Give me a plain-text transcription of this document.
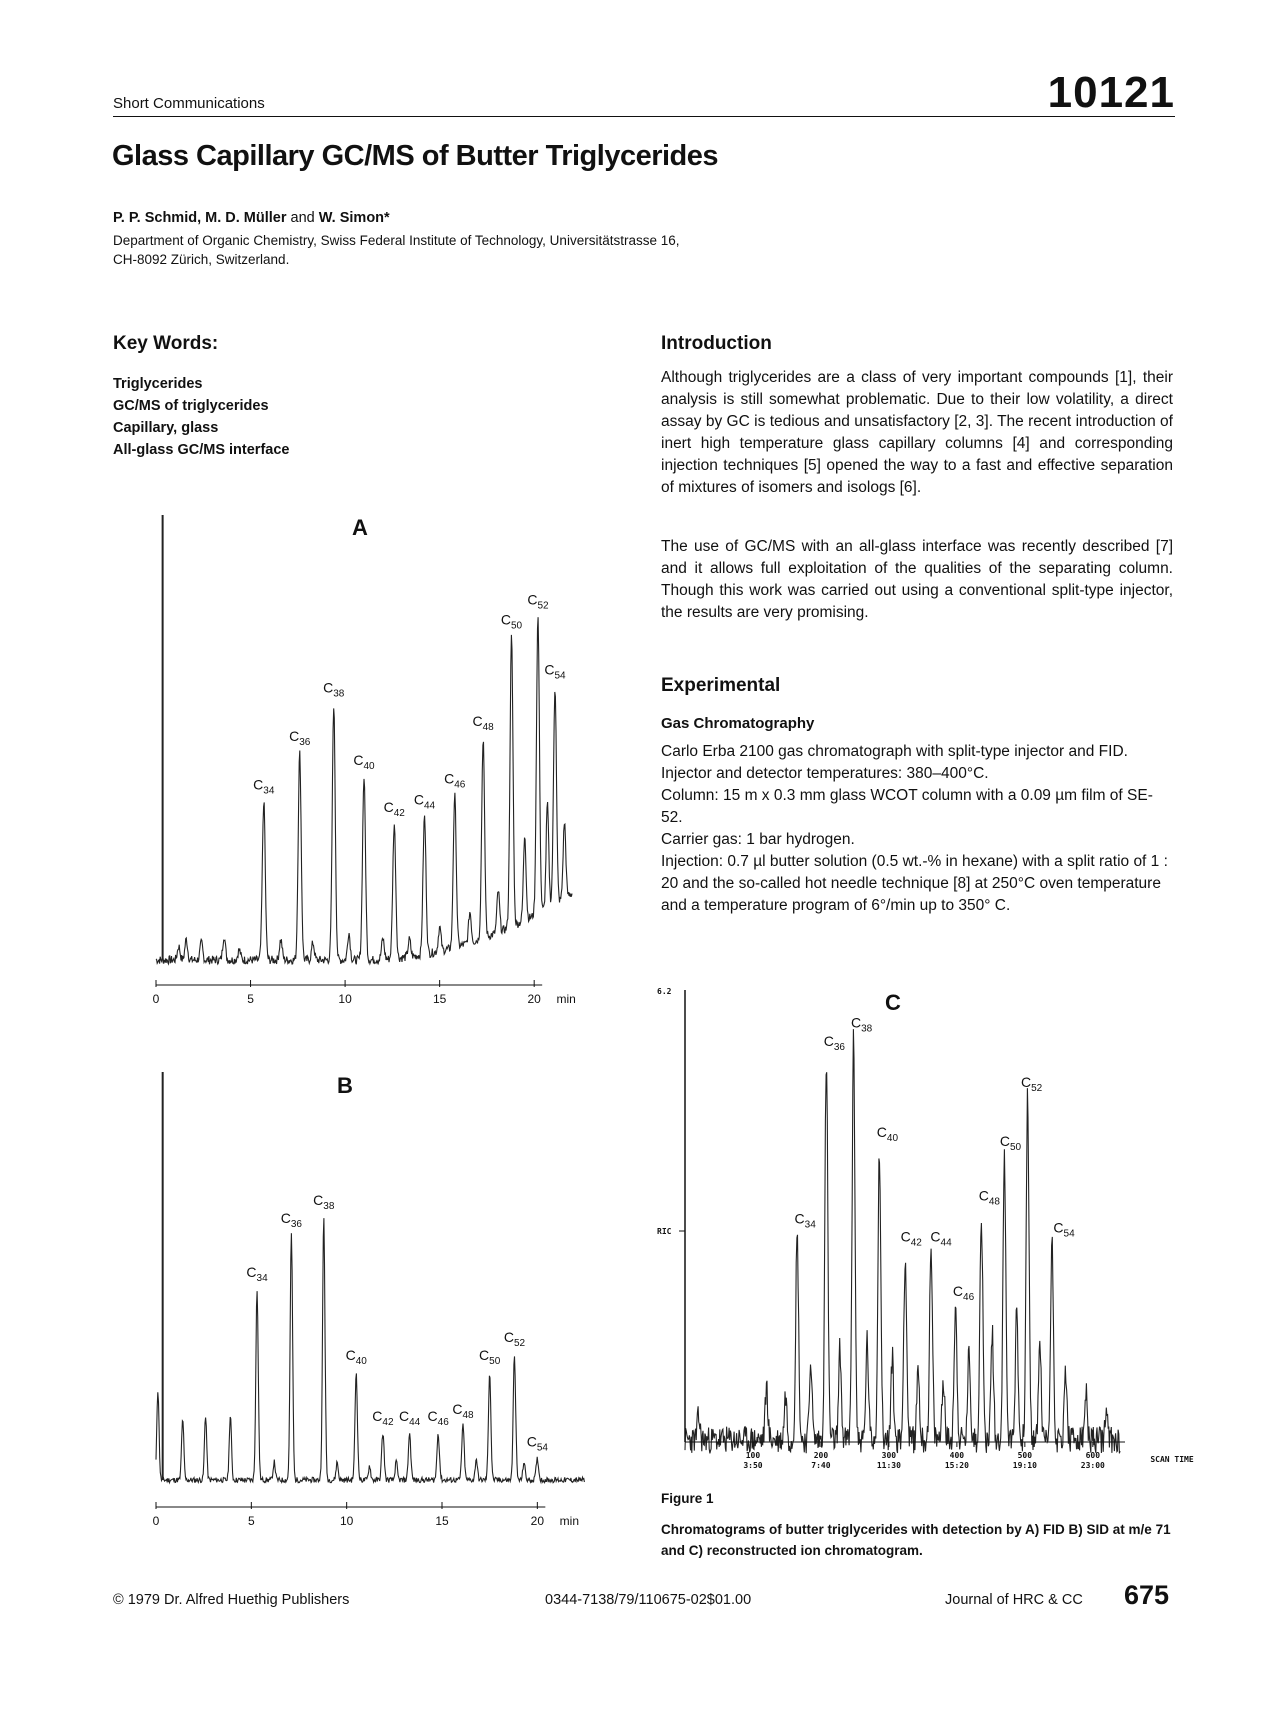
Short Communications	10121
Glass Capillary GC/MS of Butter Triglycerides
P. P. Schmid, M. D. Müller and W. Simon*
Department of Organic Chemistry, Swiss Federal Institute of Technology, Universitätstrasse 16,
CH-8092 Zürich, Switzerland.
Key Words:
Triglycerides
GC/MS of triglycerides
Capillary, glass
All-glass GC/MS interface
Introduction
Although triglycerides are a class of very important compounds [1], their analysis is still somewhat problematic. Due to their low volatility, a direct assay by GC is tedious and unsatisfactory [2, 3]. The recent introduction of inert high temperature glass capillary columns [4] and corresponding injection techniques [5] opened the way to a fast and effective separation of mixtures of isomers and isologs [6].
The use of GC/MS with an all-glass interface was recently described [7] and it allows full exploitation of the qualities of the separating column. Though this work was carried out using a conventional split-type injector, the results are very promising.
Experimental
Gas Chromatography
Carlo Erba 2100 gas chromatograph with split-type injector and FID.
Injector and detector temperatures: 380–400°C.
Column: 15 m x 0.3 mm glass WCOT column with a 0.09 µm film of SE-52.
Carrier gas: 1 bar hydrogen.
Injection: 0.7 µl butter solution (0.5 wt.-% in hexane) with a split ratio of 1 : 20 and the so-called hot needle technique [8] at 250°C oven temperature and a temperature program of 6°/min up to 350° C.
$C_{34}$
$C_{36}$
$C_{38}$
$C_{40}$
$C_{42}$
$C_{44}$
$C_{46}$
$C_{48}$
$C_{50}$
$C_{52}$
$C_{54}$
0	5	10	15	20 min
A
$C_{34}$
$C_{36}$
$C_{38}$
$C_{40}$
$C_{42}$ $C_{44}$ $C_{46}$
$C_{48}$
$C_{50}$
$C_{52}$
$C_{54}$
0	5	10	15	20 min
B
$C_{34}$
$C_{36}$
$C_{38}$
$C_{40}$
$C_{42}$ $C_{44}$
$C_{46}$
$C_{48}$
$C_{50}$
$C_{52}$
$C_{54}$
6.2
RIC
100
3:50
200
7:40
300
11:30
400
15:20
500
19:10
600
23:00
SCAN TIME
C
Figure 1
Chromatograms of butter triglycerides with detection by A) FID B) SID at m/e 71 and C) reconstructed ion chromatogram.
© 1979 Dr. Alfred Huethig Publishers	0344-7138/79/110675-02$01.00	Journal of HRC & CC 675
